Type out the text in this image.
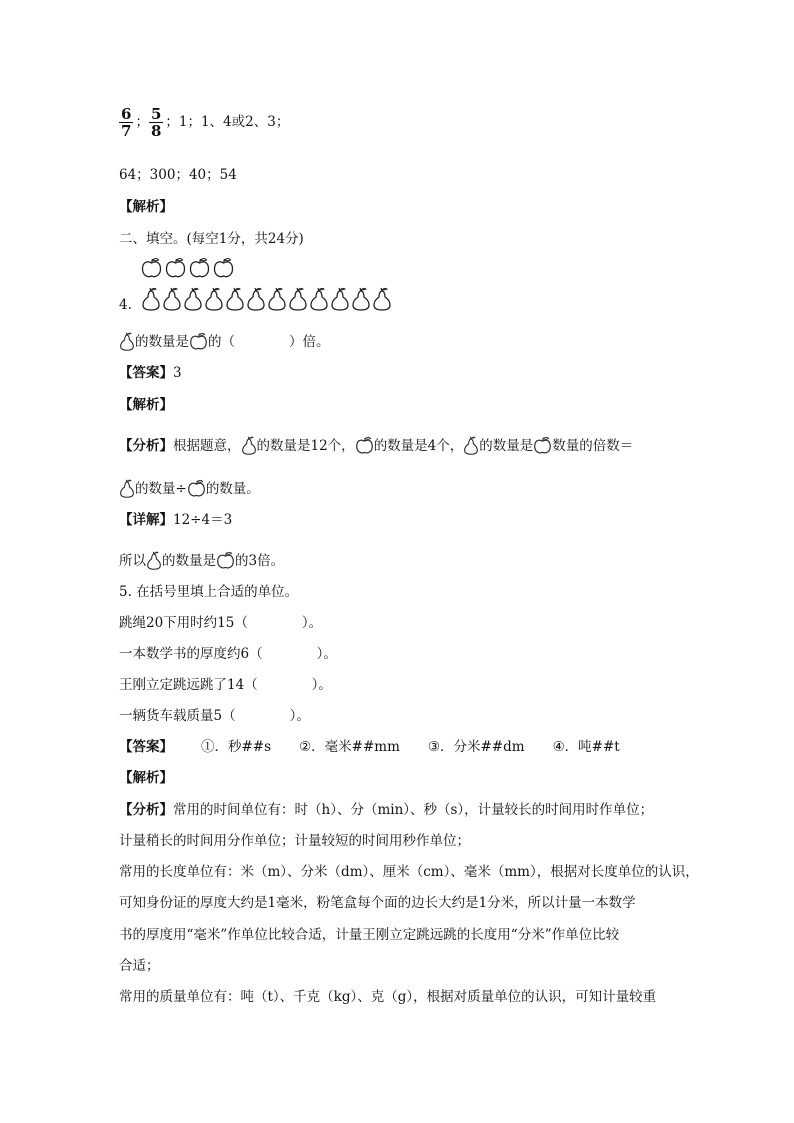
$\frac{6}{7}$ ； $\frac{5}{8}$ ；1；1、4或2、3；
64；300；40；54
【解析】
二、填空。(每空1分，共24分)
4.
的数量是 的（　　　　）倍。
【答案】3
【解析】
【分析】根据题意， 的数量是12个， 的数量是4个， 的数量是 数量的倍数＝
的数量÷ 的数量。
【详解】12÷4＝3
所以 的数量是 的3倍。
5. 在括号里填上合适的单位。
跳绳20下用时约15（　　　　）。
一本数学书的厚度约6（　　　　）。
王刚立定跳远跳了14（　　　　）。
一辆货车载质量5（　　　　）。
【答案】 ①．秒##s ②．毫米##mm ③．分米##dm ④．吨##t
【解析】
【分析】常用的时间单位有：时（h）、分（min）、秒（s），计量较长的时间用时作单位；
计量稍长的时间用分作单位；计量较短的时间用秒作单位；
常用的长度单位有：米（m）、分米（dm）、厘米（cm）、毫米（mm），根据对长度单位的认识，
可知身份证的厚度大约是1毫米，粉笔盒每个面的边长大约是1分米，所以计量一本数学
书的厚度用“毫米”作单位比较合适，计量王刚立定跳远跳的长度用“分米”作单位比较
合适；
常用的质量单位有：吨（t）、千克（kg）、克（g），根据对质量单位的认识，可知计量较重
